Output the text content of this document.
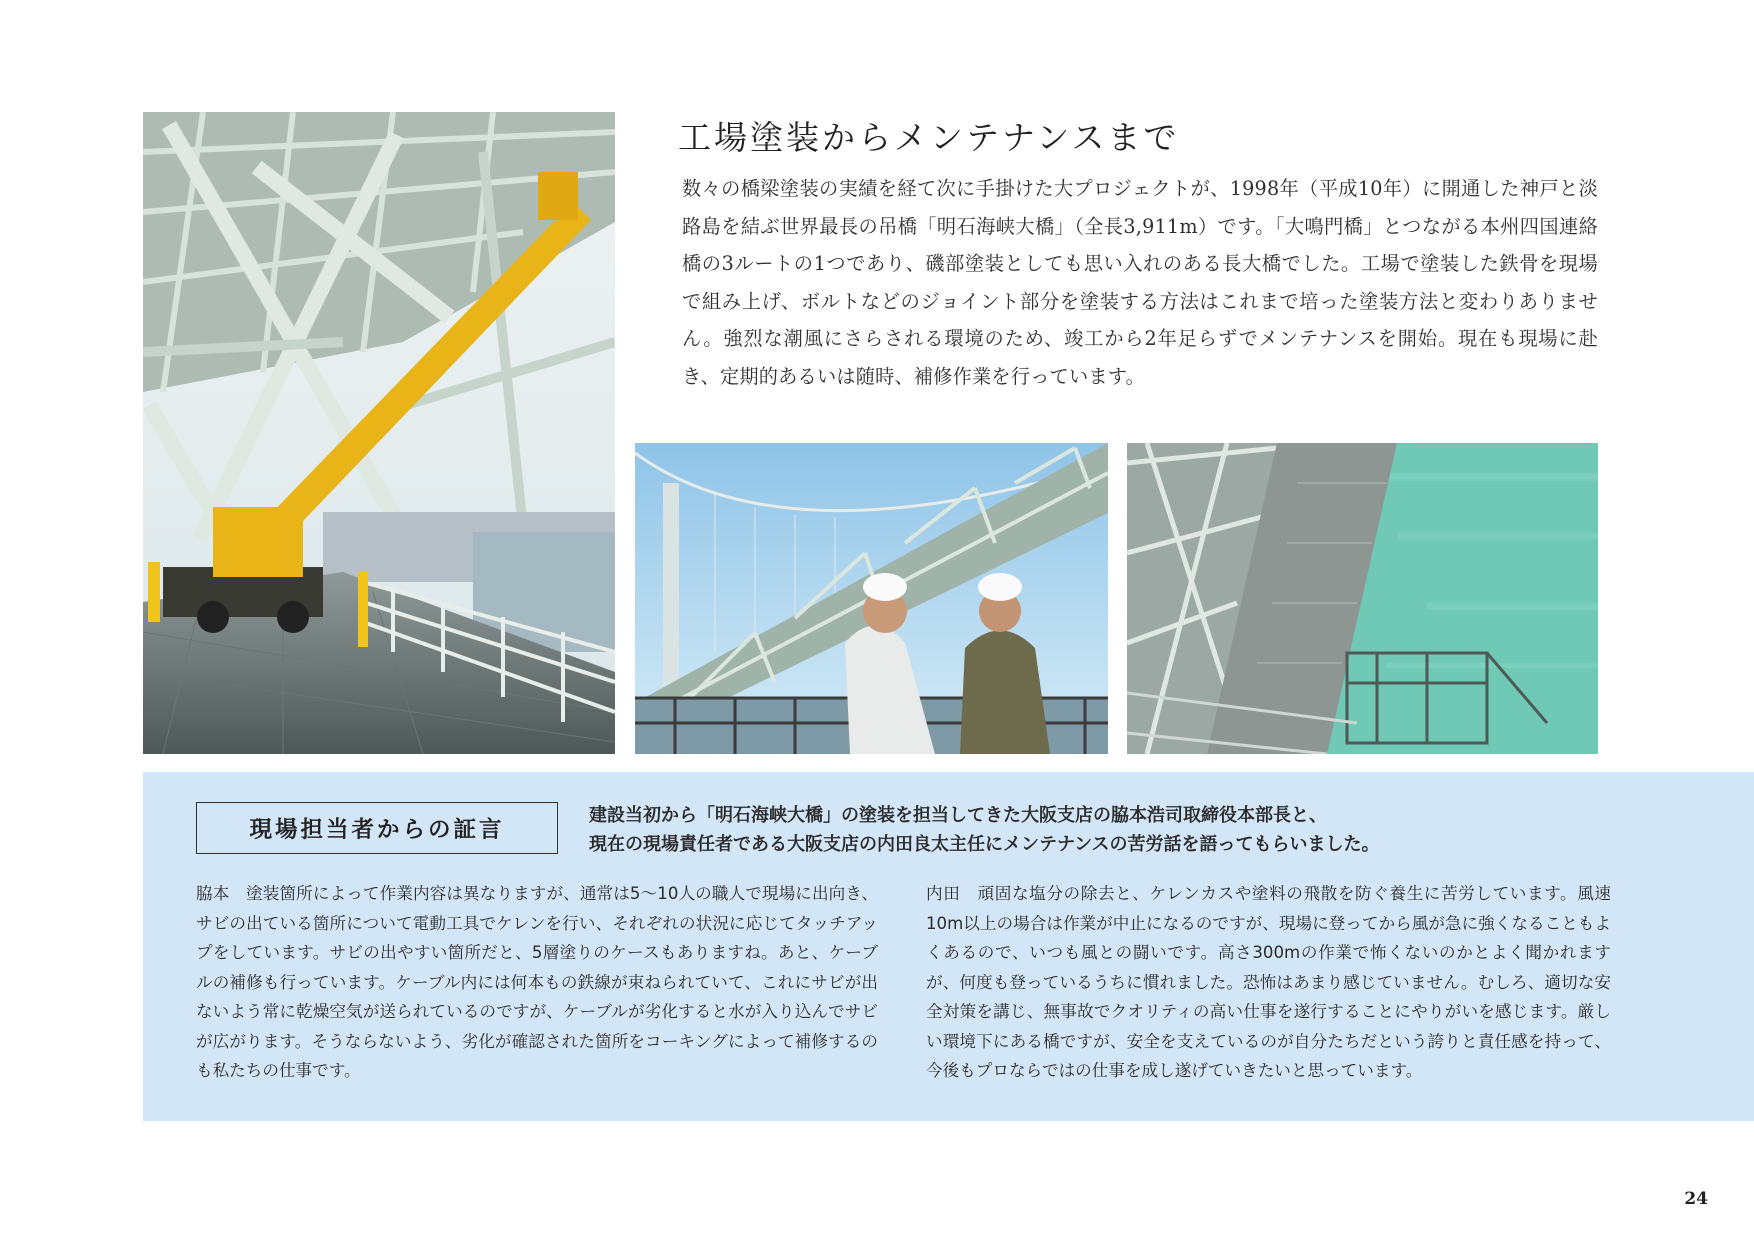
工場塗装からメンテナンスまで

数々の橋梁塗装の実績を経て次に手掛けた大プロジェクトが、1998年（平成10年）に開通した神戸と淡路島を結ぶ世界最長の吊橋「明石海峡大橋」（全長3,911m）です。「大鳴門橋」とつながる本州四国連絡橋の3ルートの1つであり、磯部塗装としても思い入れのある長大橋でした。工場で塗装した鉄骨を現場で組み上げ、ボルトなどのジョイント部分を塗装する方法はこれまで培った塗装方法と変わりありません。強烈な潮風にさらされる環境のため、竣工から2年足らずでメンテナンスを開始。現在も現場に赴き、定期的あるいは随時、補修作業を行っています。

現場担当者からの証言
建設当初から「明石海峡大橋」の塗装を担当してきた大阪支店の脇本浩司取締役本部長と、
現在の現場責任者である大阪支店の内田良太主任にメンテナンスの苦労話を語ってもらいました。

脇本　塗装箇所によって作業内容は異なりますが、通常は5～10人の職人で現場に出向き、サビの出ている箇所について電動工具でケレンを行い、それぞれの状況に応じてタッチアップをしています。サビの出やすい箇所だと、5層塗りのケースもありますね。あと、ケーブルの補修も行っています。ケーブル内には何本もの鉄線が束ねられていて、これにサビが出ないよう常に乾燥空気が送られているのですが、ケーブルが劣化すると水が入り込んでサビが広がります。そうならないよう、劣化が確認された箇所をコーキングによって補修するのも私たちの仕事です。

内田　頑固な塩分の除去と、ケレンカスや塗料の飛散を防ぐ養生に苦労しています。風速10m以上の場合は作業が中止になるのですが、現場に登ってから風が急に強くなることもよくあるので、いつも風との闘いです。高さ300mの作業で怖くないのかとよく聞かれますが、何度も登っているうちに慣れました。恐怖はあまり感じていません。むしろ、適切な安全対策を講じ、無事故でクオリティの高い仕事を遂行することにやりがいを感じます。厳しい環境下にある橋ですが、安全を支えているのが自分たちだという誇りと責任感を持って、今後もプロならではの仕事を成し遂げていきたいと思っています。

24
